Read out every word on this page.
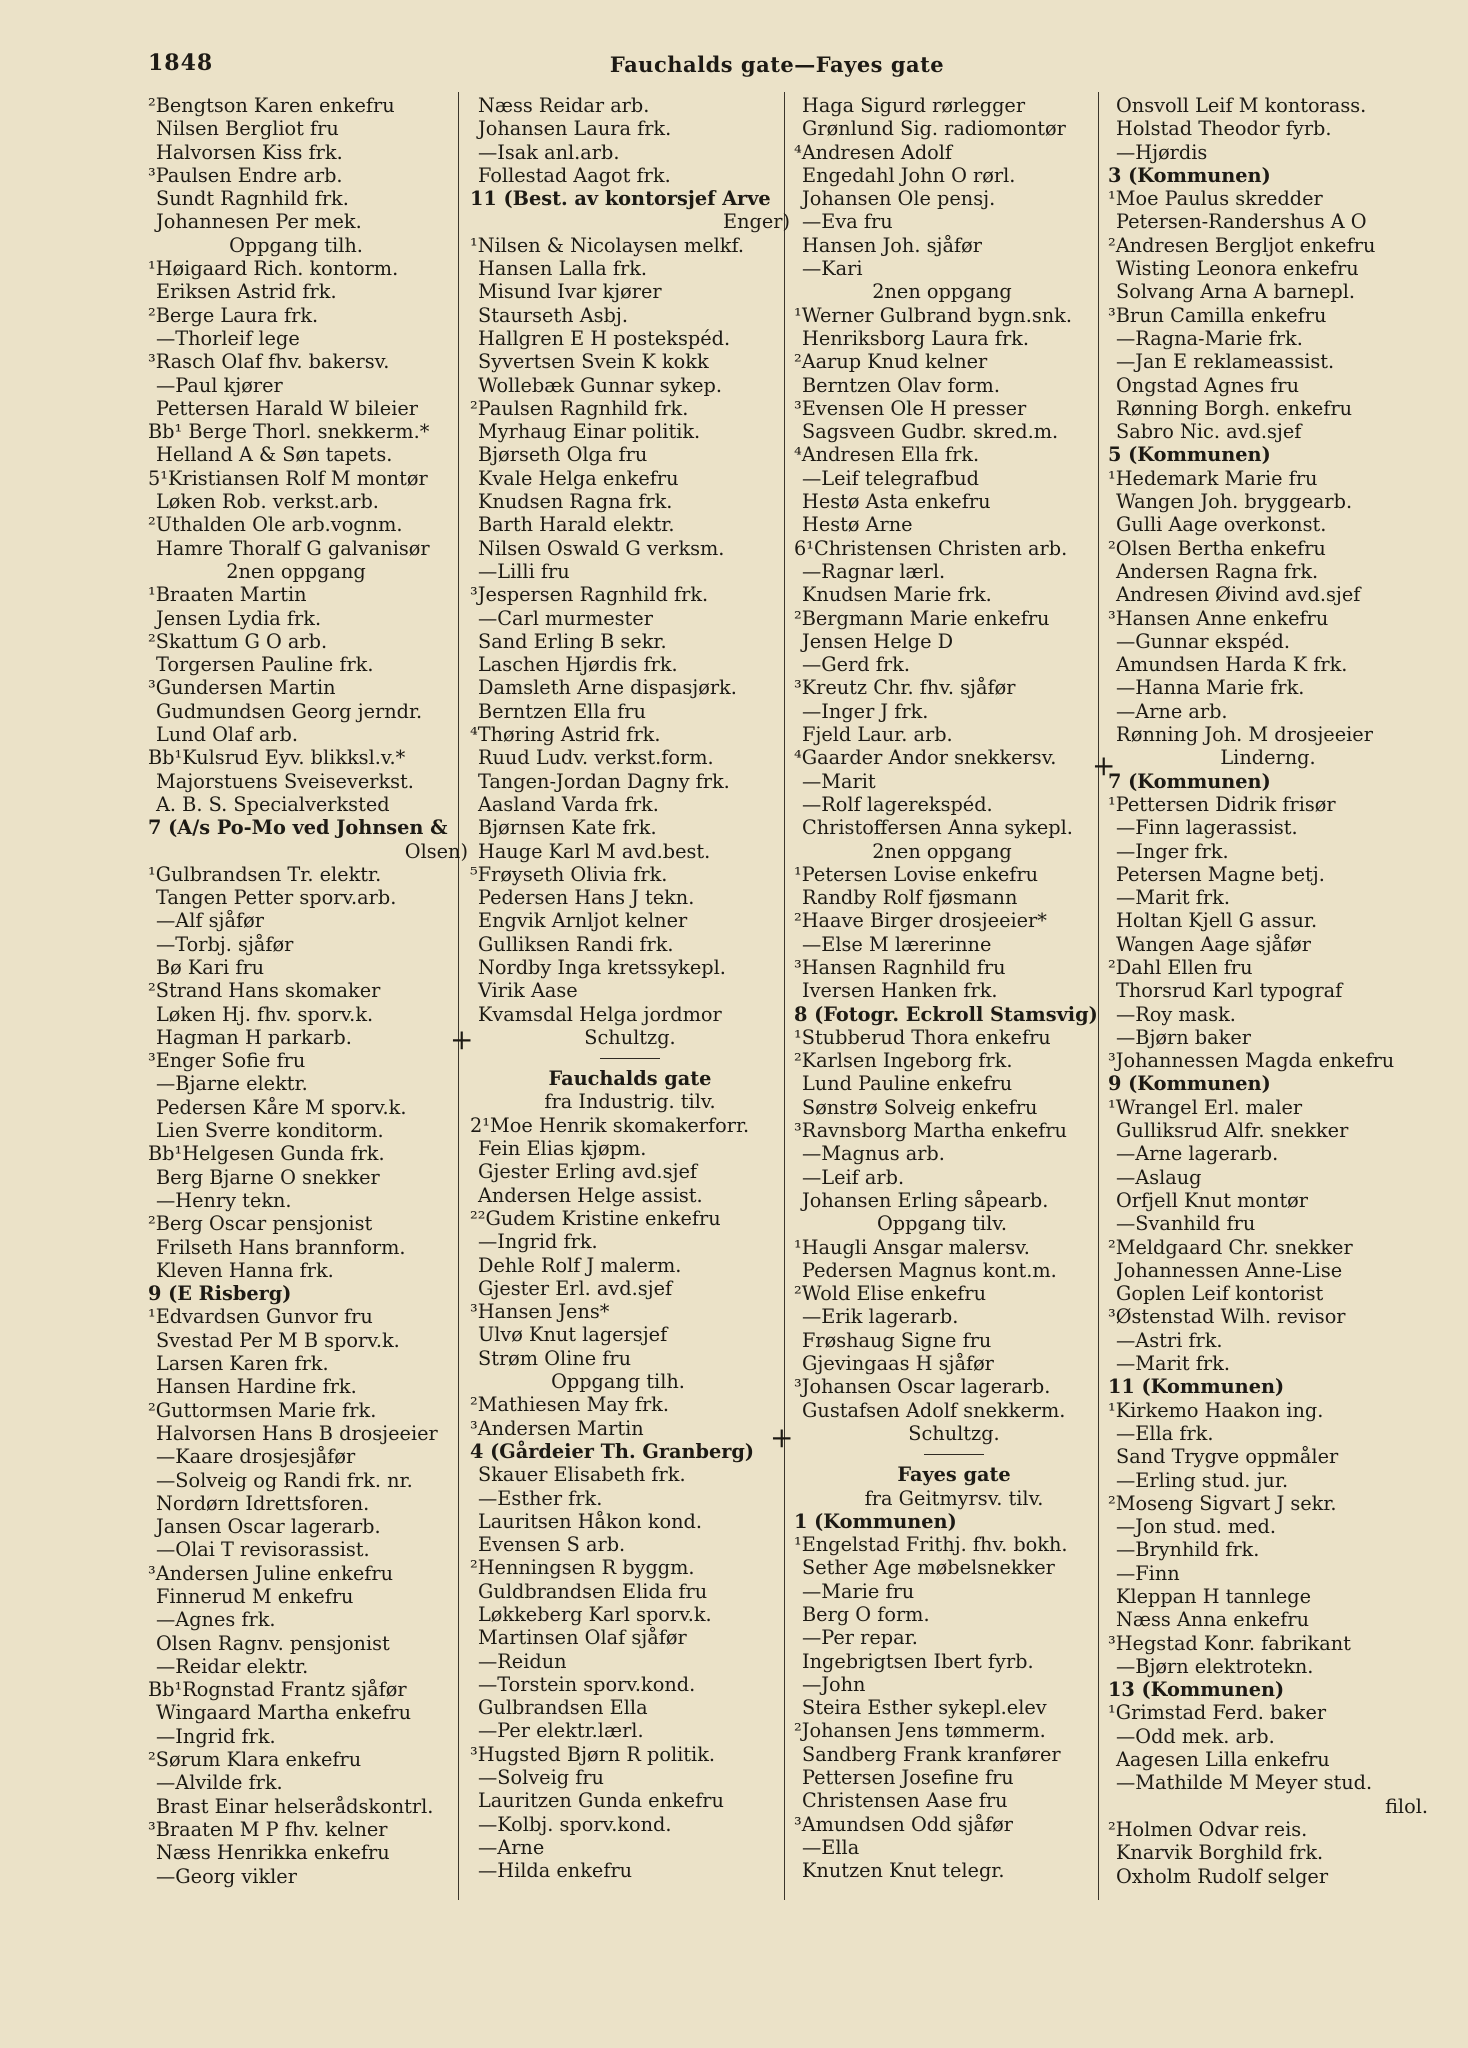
1848	Fauchalds gate—Fayes gate
²Bengtson Karen enkefru
Nilsen Bergliot fru
Halvorsen Kiss frk.
³Paulsen Endre arb.
Sundt Ragnhild frk.
Johannesen Per mek.
Oppgang tilh.
¹Høigaard Rich. kontorm.
Eriksen Astrid frk.
²Berge Laura frk.
—Thorleif lege
³Rasch Olaf fhv. bakersv.
—Paul kjører
Pettersen Harald W bileier
Bb¹ Berge Thorl. snekkerm.*
Helland A & Søn tapets.
5¹Kristiansen Rolf M montør
Løken Rob. verkst.arb.
²Uthalden Ole arb.vognm.
Hamre Thoralf G galvanisør
2nen oppgang
¹Braaten Martin
Jensen Lydia frk.
²Skattum G O arb.
Torgersen Pauline frk.
³Gundersen Martin
Gudmundsen Georg jerndr.
Lund Olaf arb.
Bb¹Kulsrud Eyv. blikksl.v.*
Majorstuens Sveiseverkst.
A. B. S. Specialverksted
7 (A/s Po-Mo ved Johnsen &
Olsen)
¹Gulbrandsen Tr. elektr.
Tangen Petter sporv.arb.
—Alf sjåfør
—Torbj. sjåfør
Bø Kari fru
²Strand Hans skomaker
Løken Hj. fhv. sporv.k.
Hagman H parkarb.
³Enger Sofie fru
—Bjarne elektr.
Pedersen Kåre M sporv.k.
Lien Sverre konditorm.
Bb¹Helgesen Gunda frk.
Berg Bjarne O snekker
—Henry tekn.
²Berg Oscar pensjonist
Frilseth Hans brannform.
Kleven Hanna frk.
9 (E Risberg)
¹Edvardsen Gunvor fru
Svestad Per M B sporv.k.
Larsen Karen frk.
Hansen Hardine frk.
²Guttormsen Marie frk.
Halvorsen Hans B drosjeeier
—Kaare drosjesjåfør
—Solveig og Randi frk. nr.
Nordørn Idrettsforen.
Jansen Oscar lagerarb.
—Olai T revisorassist.
³Andersen Juline enkefru
Finnerud M enkefru
—Agnes frk.
Olsen Ragnv. pensjonist
—Reidar elektr.
Bb¹Rognstad Frantz sjåfør
Wingaard Martha enkefru
—Ingrid frk.
²Sørum Klara enkefru
—Alvilde frk.
Brast Einar helserådskontrl.
³Braaten M P fhv. kelner
Næss Henrikka enkefru
—Georg vikler
Næss Reidar arb.
Johansen Laura frk.
—Isak anl.arb.
Follestad Aagot frk.
11 (Best. av kontorsjef Arve
Enger)
¹Nilsen & Nicolaysen melkf.
Hansen Lalla frk.
Misund Ivar kjører
Staurseth Asbj.
Hallgren E H postekspéd.
Syvertsen Svein K kokk
Wollebæk Gunnar sykep.
²Paulsen Ragnhild frk.
Myrhaug Einar politik.
Bjørseth Olga fru
Kvale Helga enkefru
Knudsen Ragna frk.
Barth Harald elektr.
Nilsen Oswald G verksm.
—Lilli fru
³Jespersen Ragnhild frk.
—Carl murmester
Sand Erling B sekr.
Laschen Hjørdis frk.
Damsleth Arne dispasjørk.
Berntzen Ella fru
⁴Thøring Astrid frk.
Ruud Ludv. verkst.form.
Tangen-Jordan Dagny frk.
Aasland Varda frk.
Bjørnsen Kate frk.
Hauge Karl M avd.best.
⁵Frøyseth Olivia frk.
Pedersen Hans J tekn.
Engvik Arnljot kelner
Gulliksen Randi frk.
Nordby Inga kretssykepl.
Virik Aase
Kvamsdal Helga jordmor
Schultzg.
Fauchalds gate
fra Industrig. tilv.
2¹Moe Henrik skomakerforr.
Fein Elias kjøpm.
Gjester Erling avd.sjef
Andersen Helge assist.
²²Gudem Kristine enkefru
—Ingrid frk.
Dehle Rolf J malerm.
Gjester Erl. avd.sjef
³Hansen Jens*
Ulvø Knut lagersjef
Strøm Oline fru
Oppgang tilh.
²Mathiesen May frk.
³Andersen Martin
4 (Gårdeier Th. Granberg)
Skauer Elisabeth frk.
—Esther frk.
Lauritsen Håkon kond.
Evensen S arb.
²Henningsen R byggm.
Guldbrandsen Elida fru
Løkkeberg Karl sporv.k.
Martinsen Olaf sjåfør
—Reidun
—Torstein sporv.kond.
Gulbrandsen Ella
—Per elektr.lærl.
³Hugsted Bjørn R politik.
—Solveig fru
Lauritzen Gunda enkefru
—Kolbj. sporv.kond.
—Arne
—Hilda enkefru
Haga Sigurd rørlegger
Grønlund Sig. radiomontør
⁴Andresen Adolf
Engedahl John O rørl.
Johansen Ole pensj.
—Eva fru
Hansen Joh. sjåfør
—Kari
2nen oppgang
¹Werner Gulbrand bygn.snk.
Henriksborg Laura frk.
²Aarup Knud kelner
Berntzen Olav form.
³Evensen Ole H presser
Sagsveen Gudbr. skred.m.
⁴Andresen Ella frk.
—Leif telegrafbud
Hestø Asta enkefru
Hestø Arne
6¹Christensen Christen arb.
—Ragnar lærl.
Knudsen Marie frk.
²Bergmann Marie enkefru
Jensen Helge D
—Gerd frk.
³Kreutz Chr. fhv. sjåfør
—Inger J frk.
Fjeld Laur. arb.
⁴Gaarder Andor snekkersv.
—Marit
—Rolf lagerekspéd.
Christoffersen Anna sykepl.
2nen oppgang
¹Petersen Lovise enkefru
Randby Rolf fjøsmann
²Haave Birger drosjeeier*
—Else M lærerinne
³Hansen Ragnhild fru
Iversen Hanken frk.
8 (Fotogr. Eckroll Stamsvig)
¹Stubberud Thora enkefru
²Karlsen Ingeborg frk.
Lund Pauline enkefru
Sønstrø Solveig enkefru
³Ravnsborg Martha enkefru
—Magnus arb.
—Leif arb.
Johansen Erling såpearb.
Oppgang tilv.
¹Haugli Ansgar malersv.
Pedersen Magnus kont.m.
²Wold Elise enkefru
—Erik lagerarb.
Frøshaug Signe fru
Gjevingaas H sjåfør
³Johansen Oscar lagerarb.
Gustafsen Adolf snekkerm.
Schultzg.
Fayes gate
fra Geitmyrsv. tilv.
1 (Kommunen)
¹Engelstad Frithj. fhv. bokh.
Sether Age møbelsnekker
—Marie fru
Berg O form.
—Per repar.
Ingebrigtsen Ibert fyrb.
—John
Steira Esther sykepl.elev
²Johansen Jens tømmerm.
Sandberg Frank kranfører
Pettersen Josefine fru
Christensen Aase fru
³Amundsen Odd sjåfør
—Ella
Knutzen Knut telegr.
Onsvoll Leif M kontorass.
Holstad Theodor fyrb.
—Hjørdis
3 (Kommunen)
¹Moe Paulus skredder
Petersen-Randershus A O
²Andresen Bergljot enkefru
Wisting Leonora enkefru
Solvang Arna A barnepl.
³Brun Camilla enkefru
—Ragna-Marie frk.
—Jan E reklameassist.
Ongstad Agnes fru
Rønning Borgh. enkefru
Sabro Nic. avd.sjef
5 (Kommunen)
¹Hedemark Marie fru
Wangen Joh. bryggearb.
Gulli Aage overkonst.
²Olsen Bertha enkefru
Andersen Ragna frk.
Andresen Øivind avd.sjef
³Hansen Anne enkefru
—Gunnar ekspéd.
Amundsen Harda K frk.
—Hanna Marie frk.
—Arne arb.
Rønning Joh. M drosjeeier
Linderng.
7 (Kommunen)
¹Pettersen Didrik frisør
—Finn lagerassist.
—Inger frk.
Petersen Magne betj.
—Marit frk.
Holtan Kjell G assur.
Wangen Aage sjåfør
²Dahl Ellen fru
Thorsrud Karl typograf
—Roy mask.
—Bjørn baker
³Johannessen Magda enkefru
9 (Kommunen)
¹Wrangel Erl. maler
Gulliksrud Alfr. snekker
—Arne lagerarb.
—Aslaug
Orfjell Knut montør
—Svanhild fru
²Meldgaard Chr. snekker
Johannessen Anne-Lise
Goplen Leif kontorist
³Østenstad Wilh. revisor
—Astri frk.
—Marit frk.
11 (Kommunen)
¹Kirkemo Haakon ing.
—Ella frk.
Sand Trygve oppmåler
—Erling stud. jur.
²Moseng Sigvart J sekr.
—Jon stud. med.
—Brynhild frk.
—Finn
Kleppan H tannlege
Næss Anna enkefru
³Hegstad Konr. fabrikant
—Bjørn elektrotekn.
13 (Kommunen)
¹Grimstad Ferd. baker
—Odd mek. arb.
Aagesen Lilla enkefru
—Mathilde M Meyer stud.
filol.
²Holmen Odvar reis.
Knarvik Borghild frk.
Oxholm Rudolf selger
+
+
+
